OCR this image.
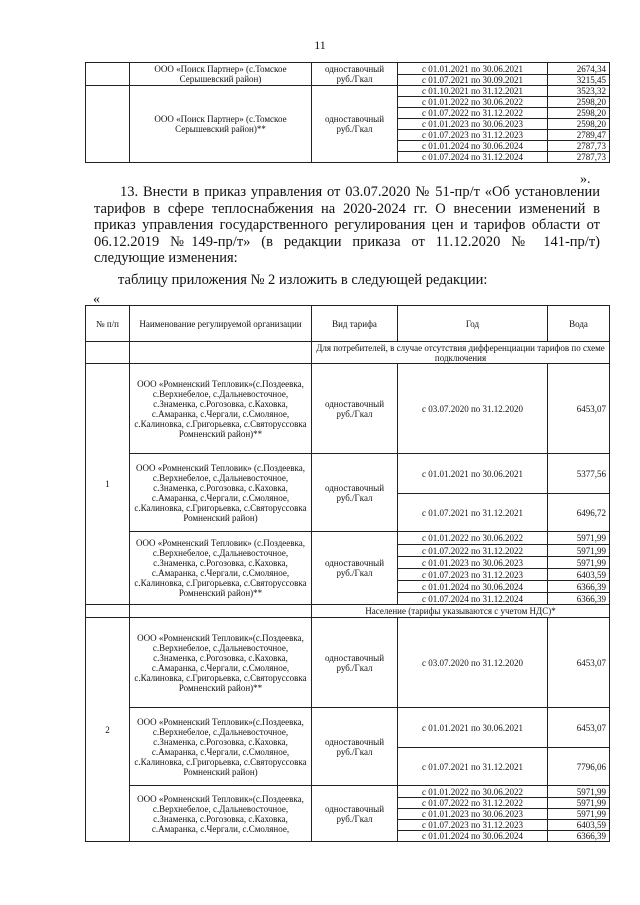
11
	ООО «Поиск Партнер» (с.Томское Серышевский район)	одноставочный руб./Гкал	с 01.01.2021 по 30.06.2021	2674,34
			с 01.07.2021 по 30.09.2021	3215,45
	ООО «Поиск Партнер» (с.Томское Серышевский район)**	одноставочный руб./Гкал	с 01.10.2021 по 31.12.2021	3523,32
			с 01.01.2022 по 30.06.2022	2598,20
			с 01.07.2022 по 31.12.2022	2598,20
			с 01.01.2023 по 30.06.2023	2598,20
			с 01.07.2023 по 31.12.2023	2789,47
			с 01.01.2024 по 30.06.2024	2787,73
			с 01.07.2024 по 31.12.2024	2787,73
».
13. Внести в приказ управления от 03.07.2020 № 51-пр/т «Об установлении тарифов в сфере теплоснабжения на 2020-2024 гг. О внесении изменений в приказ управления государственного регулирования цен и тарифов области от 06.12.2019 №149-пр/т» (в редакции приказа от 11.12.2020 № 141-пр/т) следующие изменения:
таблицу приложения № 2 изложить в следующей редакции:
«
№ п/п	Наименование регулируемой организации	Вид тарифа	Год	Вода
		Для потребителей, в случае отсутствия дифференциации тарифов по схеме подключения		
1	ООО «Ромненский Тепловик»(с.Поздеевка, с.Верхнебелое, с.Дальневосточное, с.Знаменка, с.Рогозовка, с.Каховка, с.Амаранка, с.Чергали, с.Смоляное, с.Калиновка, с.Григорьевка, с.Святоруссовка Ромненский район)**	одноставочный руб./Гкал	с 03.07.2020 по 31.12.2020	6453,07
	ООО «Ромненский Тепловик» (с.Поздеевка, с.Верхнебелое, с.Дальневосточное, с.Знаменка, с.Рогозовка, с.Каховка, с.Амаранка, с.Чергали, с.Смоляное, с.Калиновка, с.Григорьевка, с.Святоруссовка Ромненский район)	одноставочный руб./Гкал	с 01.01.2021 по 30.06.2021	5377,56
			с 01.07.2021 по 31.12.2021	6496,72
	ООО «Ромненский Тепловик» (с.Поздеевка, с.Верхнебелое, с.Дальневосточное, с.Знаменка, с.Рогозовка, с.Каховка, с.Амаранка, с.Чергали, с.Смоляное, с.Калиновка, с.Григорьевка, с.Святоруссовка Ромненский район)**	одноставочный руб./Гкал	с 01.01.2022 по 30.06.2022	5971,99
			с 01.07.2022 по 31.12.2022	5971,99
			с 01.01.2023 по 30.06.2023	5971,99
			с 01.07.2023 по 31.12.2023	6403,59
			с 01.01.2024 по 30.06.2024	6366,39
			с 01.07.2024 по 31.12.2024	6366,39
		Население (тарифы указываются с учетом НДС)*		
2	ООО «Ромненский Тепловик»(с.Поздеевка, с.Верхнебелое, с.Дальневосточное, с.Знаменка, с.Рогозовка, с.Каховка, с.Амаранка, с.Чергали, с.Смоляное, с.Калиновка, с.Григорьевка, с.Святоруссовка Ромненский район)**	одноставочный руб./Гкал	с 03.07.2020 по 31.12.2020	6453,07
	ООО «Ромненский Тепловик»(с.Поздеевка, с.Верхнебелое, с.Дальневосточное, с.Знаменка, с.Рогозовка, с.Каховка, с.Амаранка, с.Чергали, с.Смоляное, с.Калиновка, с.Григорьевка, с.Святоруссовка Ромненский район)	одноставочный руб./Гкал	с 01.01.2021 по 30.06.2021	6453,07
			с 01.07.2021 по 31.12.2021	7796,06
	ООО «Ромненский Тепловик»(с.Поздеевка, с.Верхнебелое, с.Дальневосточное, с.Знаменка, с.Рогозовка, с.Каховка, с.Амаранка, с.Чергали, с.Смоляное,	одноставочный руб./Гкал	с 01.01.2022 по 30.06.2022	5971,99
			с 01.07.2022 по 31.12.2022	5971,99
			с 01.01.2023 по 30.06.2023	5971,99
			с 01.07.2023 по 31.12.2023	6403,59
			с 01.01.2024 по 30.06.2024	6366,39
